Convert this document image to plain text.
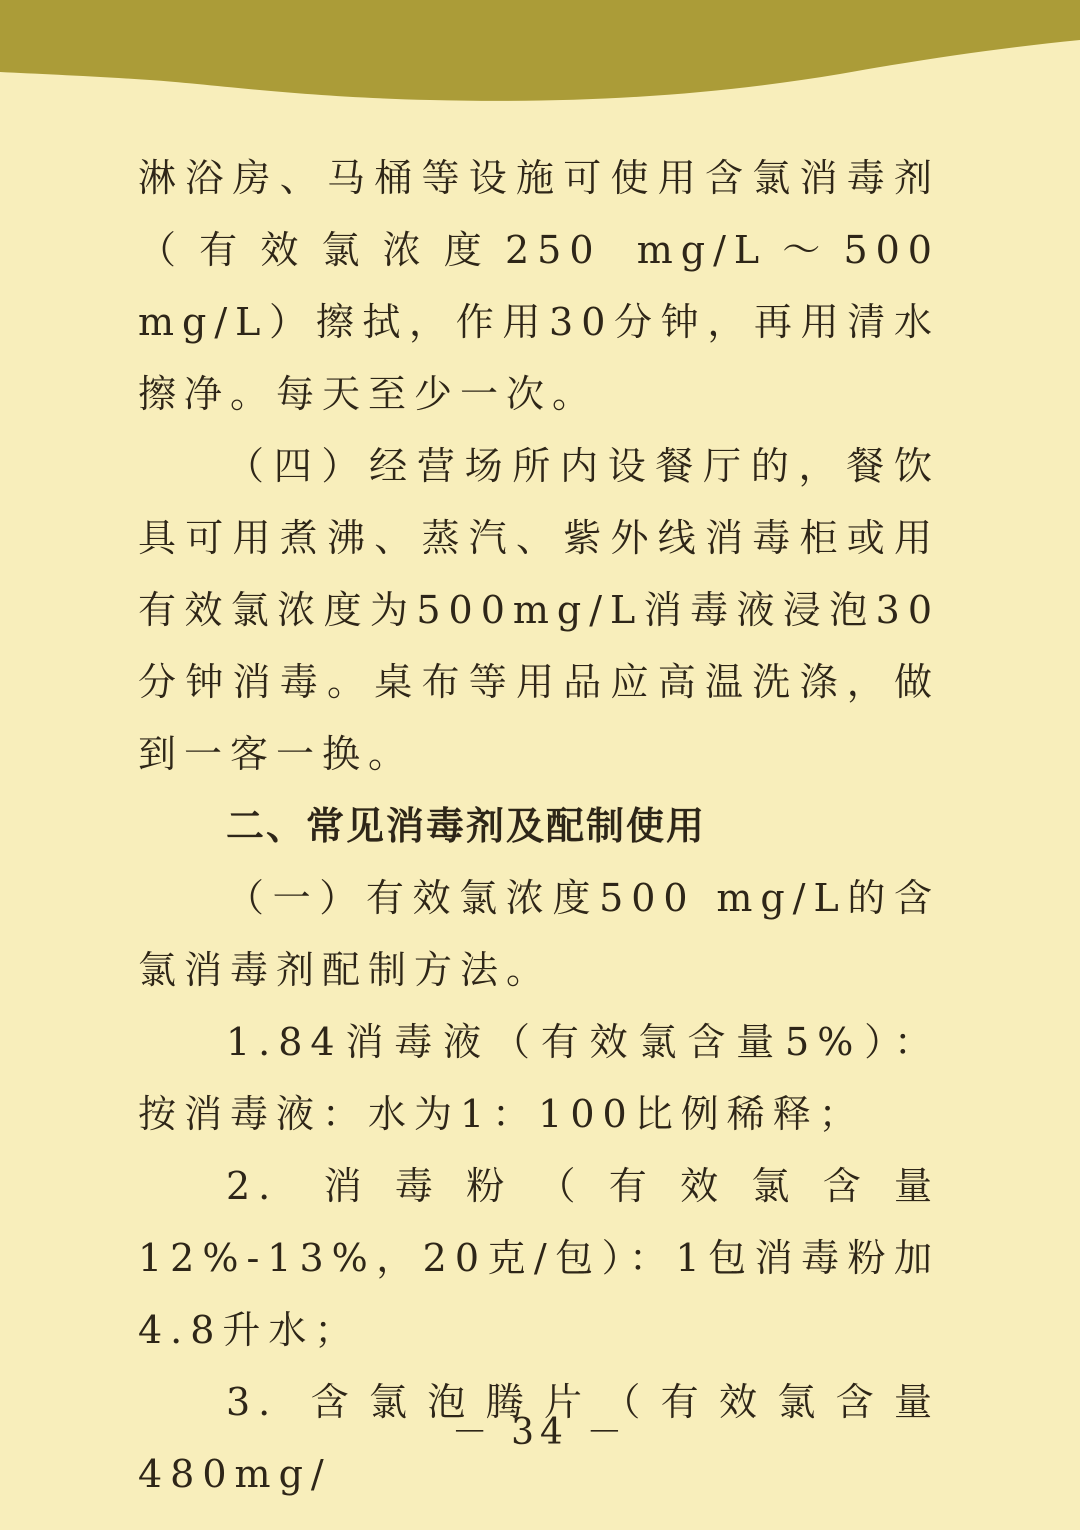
淋浴房、马桶等设施可使用含氯消毒剂（有效氯浓度250 mg/L～500 mg/L）擦拭，作用30分钟，再用清水擦净。每天至少一次。

（四）经营场所内设餐厅的，餐饮具可用煮沸、蒸汽、紫外线消毒柜或用有效氯浓度为500mg/L消毒液浸泡30分钟消毒。桌布等用品应高温洗涤，做到一客一换。

二、常见消毒剂及配制使用

（一）有效氯浓度500 mg/L的含氯消毒剂配制方法。

1.84消毒液（有效氯含量5%）：按消毒液：水为1：100比例稀释；

2. 消毒粉（有效氯含量12%-13%，20克/包）：1包消毒粉加4.8升水；

3. 含氯泡腾片（有效氯含量480mg/

－ 34 －
